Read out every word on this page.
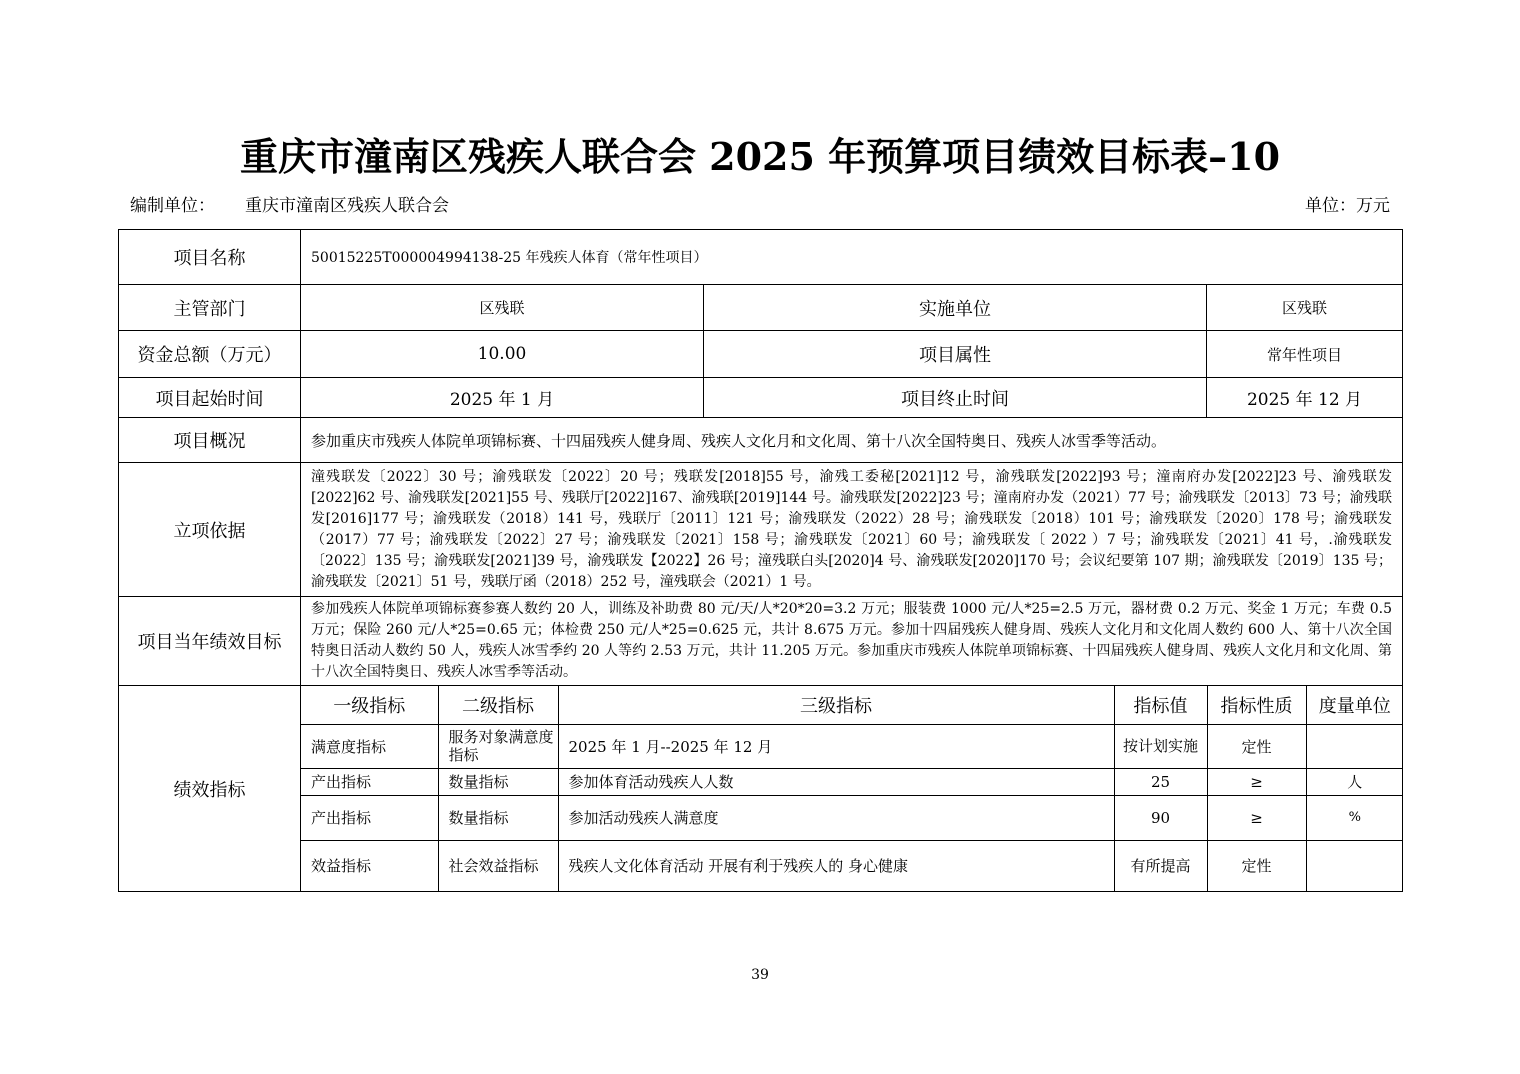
重庆市潼南区残疾人联合会 2025 年预算项目绩效目标表–10
编制单位： 重庆市潼南区残疾人联合会	单位：万元
项目名称	50015225T000004994138-25 年残疾人体育（常年性项目）
主管部门	区残联	实施单位	区残联
资金总额（万元）	10.00	项目属性	常年性项目
项目起始时间	2025 年 1 月	项目终止时间	2025 年 12 月
项目概况	参加重庆市残疾人体院单项锦标赛、十四届残疾人健身周、残疾人文化月和文化周、第十八次全国特奥日、残疾人冰雪季等活动。
立项依据	潼残联发〔2022〕30 号；渝残联发〔2022〕20 号；残联发[2018]55 号，渝残工委秘[2021]12 号，渝残联发[2022]93 号；潼南府办发[2022]23 号、渝残联发[2022]62 号、渝残联发[2021]55 号、残联厅[2022]167、渝残联[2019]144 号。渝残联发[2022]23 号；潼南府办发（2021）77 号；渝残联发〔2013〕73 号；渝残联发[2016]177 号；渝残联发（2018）141 号，残联厅〔2011〕121 号；渝残联发（2022）28 号；渝残联发〔2018）101 号；渝残联发〔2020〕178 号；渝残联发（2017）77 号；渝残联发〔2022〕27 号；渝残联发〔2021〕158 号；渝残联发〔2021〕60 号；渝残联发〔 2022 ）7 号；渝残联发〔2021〕41 号，.渝残联发〔2022〕135 号；渝残联发[2021]39 号，渝残联发【2022】26 号；潼残联白头[2020]4 号、渝残联发[2020]170 号；会议纪要第 107 期；渝残联发〔2019〕135 号；渝残联发〔2021〕51 号，残联厅函（2018）252 号，潼残联会（2021）1 号。
项目当年绩效目标	参加残疾人体院单项锦标赛参赛人数约 20 人，训练及补助费 80 元/天/人*20*20=3.2 万元；服装费 1000 元/人*25=2.5 万元，器材费 0.2 万元、奖金 1 万元；车费 0.5 万元；保险 260 元/人*25=0.65 元；体检费 250 元/人*25=0.625 元，共计 8.675 万元。参加十四届残疾人健身周、残疾人文化月和文化周人数约 600 人、第十八次全国特奥日活动人数约 50 人，残疾人冰雪季约 20 人等约 2.53 万元，共计 11.205 万元。参加重庆市残疾人体院单项锦标赛、十四届残疾人健身周、残疾人文化月和文化周、第十八次全国特奥日、残疾人冰雪季等活动。
绩效指标	
一级指标	二级指标	三级指标	指标值	指标性质	度量单位
满意度指标	服务对象满意度指标	2025 年 1 月--2025 年 12 月	按计划实施	定性	
产出指标	数量指标	参加体育活动残疾人人数	25	≥	人
产出指标	数量指标	参加活动残疾人满意度	90	≥	%
效益指标	社会效益指标	残疾人文化体育活动 开展有利于残疾人的 身心健康	有所提高	定性	
39
